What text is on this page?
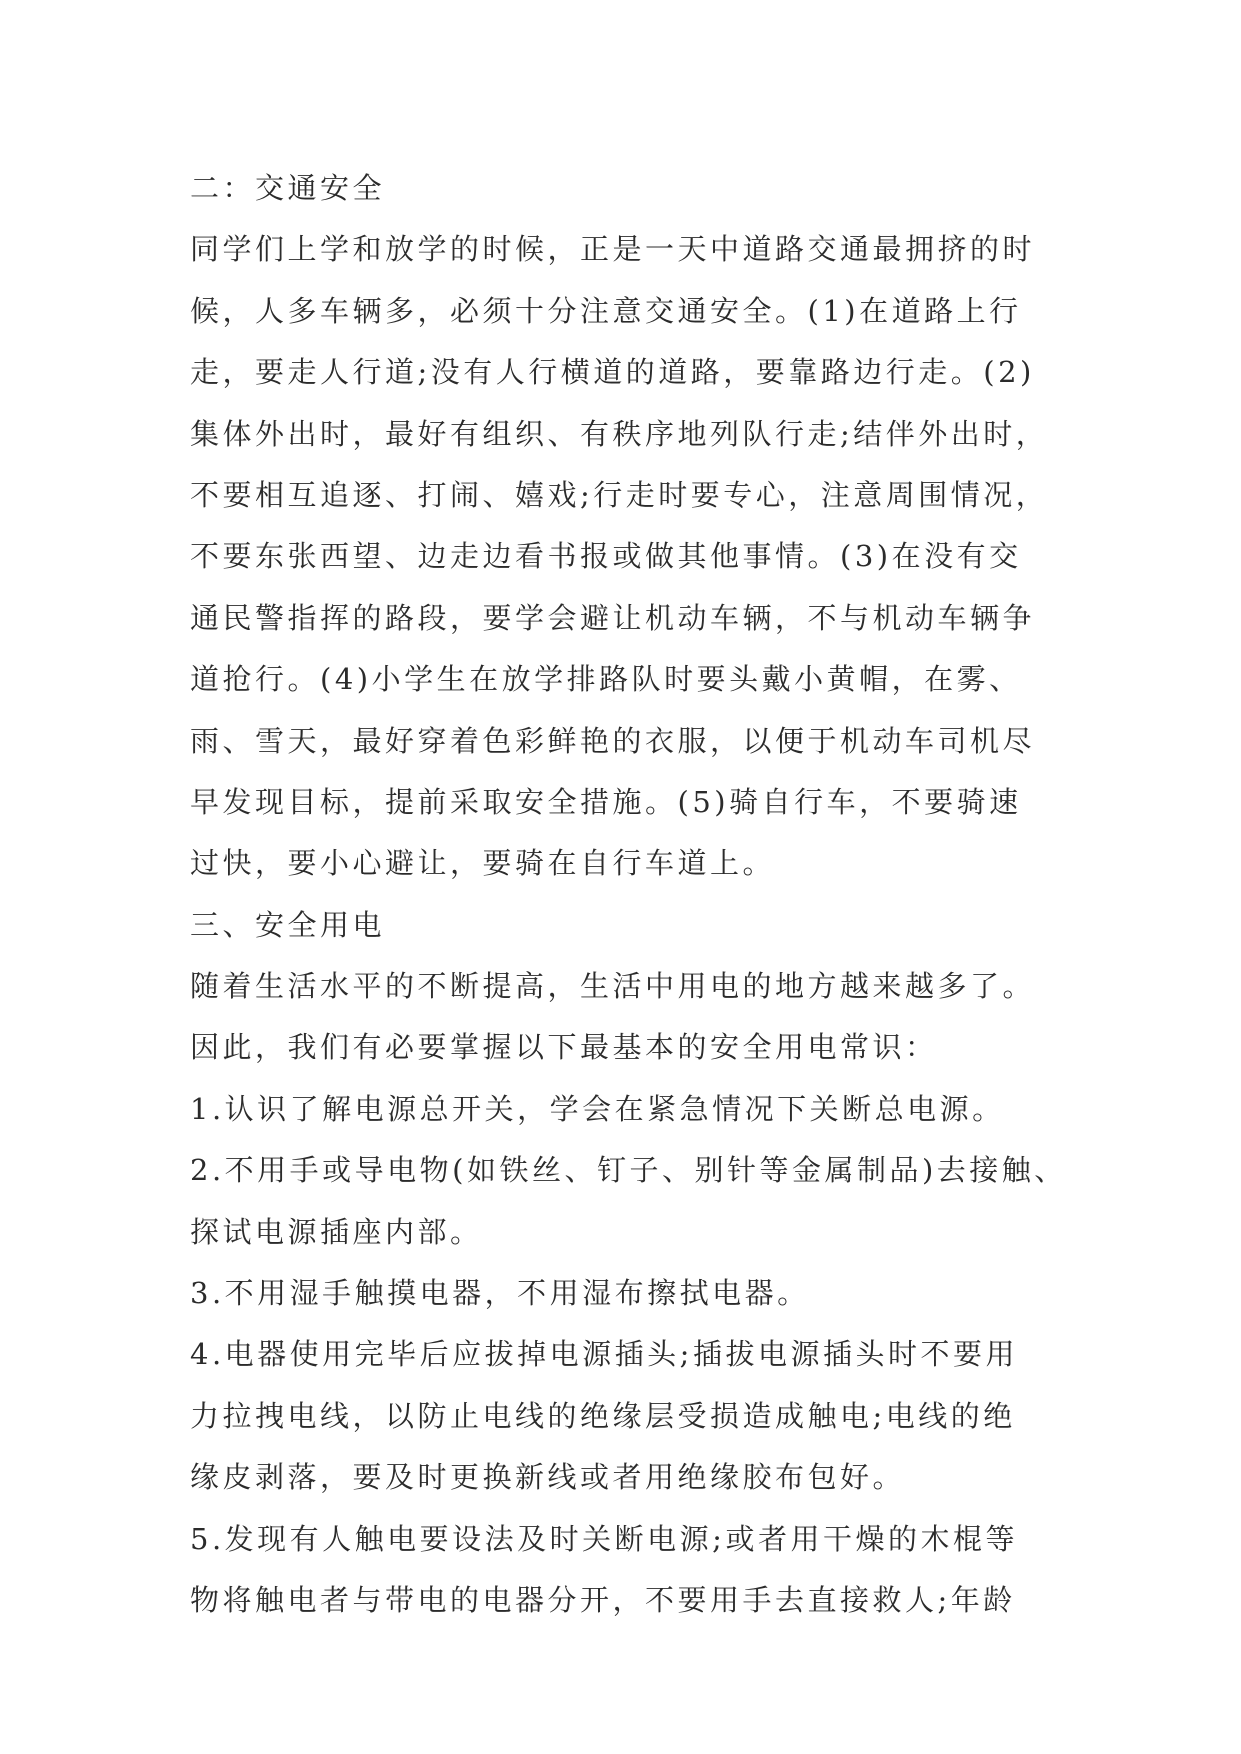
二：交通安全
同学们上学和放学的时候，正是一天中道路交通最拥挤的时
候，人多车辆多，必须十分注意交通安全。(1)在道路上行
走，要走人行道;没有人行横道的道路，要靠路边行走。(2)
集体外出时，最好有组织、有秩序地列队行走;结伴外出时，
不要相互追逐、打闹、嬉戏;行走时要专心，注意周围情况，
不要东张西望、边走边看书报或做其他事情。(3)在没有交
通民警指挥的路段，要学会避让机动车辆，不与机动车辆争
道抢行。(4)小学生在放学排路队时要头戴小黄帽，在雾、
雨、雪天，最好穿着色彩鲜艳的衣服，以便于机动车司机尽
早发现目标，提前采取安全措施。(5)骑自行车，不要骑速
过快，要小心避让，要骑在自行车道上。
三、安全用电
随着生活水平的不断提高，生活中用电的地方越来越多了。
因此，我们有必要掌握以下最基本的安全用电常识：
1.认识了解电源总开关，学会在紧急情况下关断总电源。
2.不用手或导电物(如铁丝、钉子、别针等金属制品)去接触、
探试电源插座内部。
3.不用湿手触摸电器，不用湿布擦拭电器。
4.电器使用完毕后应拔掉电源插头;插拔电源插头时不要用
力拉拽电线，以防止电线的绝缘层受损造成触电;电线的绝
缘皮剥落，要及时更换新线或者用绝缘胶布包好。
5.发现有人触电要设法及时关断电源;或者用干燥的木棍等
物将触电者与带电的电器分开，不要用手去直接救人;年龄
